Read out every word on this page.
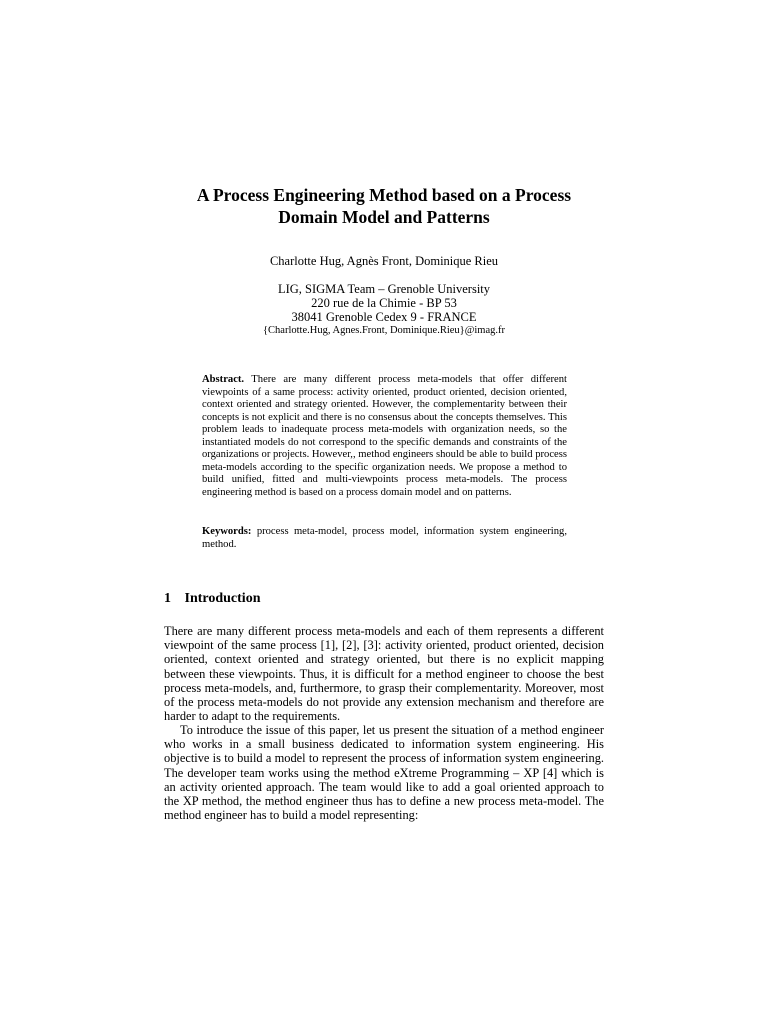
A Process Engineering Method based on a Process
Domain Model and Patterns
Charlotte Hug, Agnès Front, Dominique Rieu
LIG, SIGMA Team – Grenoble University
220 rue de la Chimie - BP 53
38041 Grenoble Cedex 9 - FRANCE
{Charlotte.Hug, Agnes.Front, Dominique.Rieu}@imag.fr
Abstract. There are many different process meta-models that offer different viewpoints of a same process: activity oriented, product oriented, decision oriented, context oriented and strategy oriented. However, the complementarity between their concepts is not explicit and there is no consensus about the concepts themselves. This problem leads to inadequate process meta-models with organization needs, so the instantiated models do not correspond to the specific demands and constraints of the organizations or projects. However,, method engineers should be able to build process meta-models according to the specific organization needs. We propose a method to build unified, fitted and multi-viewpoints process meta-models. The process engineering method is based on a process domain model and on patterns.
Keywords: process meta-model, process model, information system engineering, method.
1 Introduction
There are many different process meta-models and each of them represents a different viewpoint of the same process [1], [2], [3]: activity oriented, product oriented, decision oriented, context oriented and strategy oriented, but there is no explicit mapping between these viewpoints. Thus, it is difficult for a method engineer to choose the best process meta-models, and, furthermore, to grasp their complementarity. Moreover, most of the process meta-models do not provide any extension mechanism and therefore are harder to adapt to the requirements.
To introduce the issue of this paper, let us present the situation of a method engineer who works in a small business dedicated to information system engineering. His objective is to build a model to represent the process of information system engineering. The developer team works using the method eXtreme Programming – XP [4] which is an activity oriented approach. The team would like to add a goal oriented approach to the XP method, the method engineer thus has to define a new process meta-model. The method engineer has to build a model representing:
